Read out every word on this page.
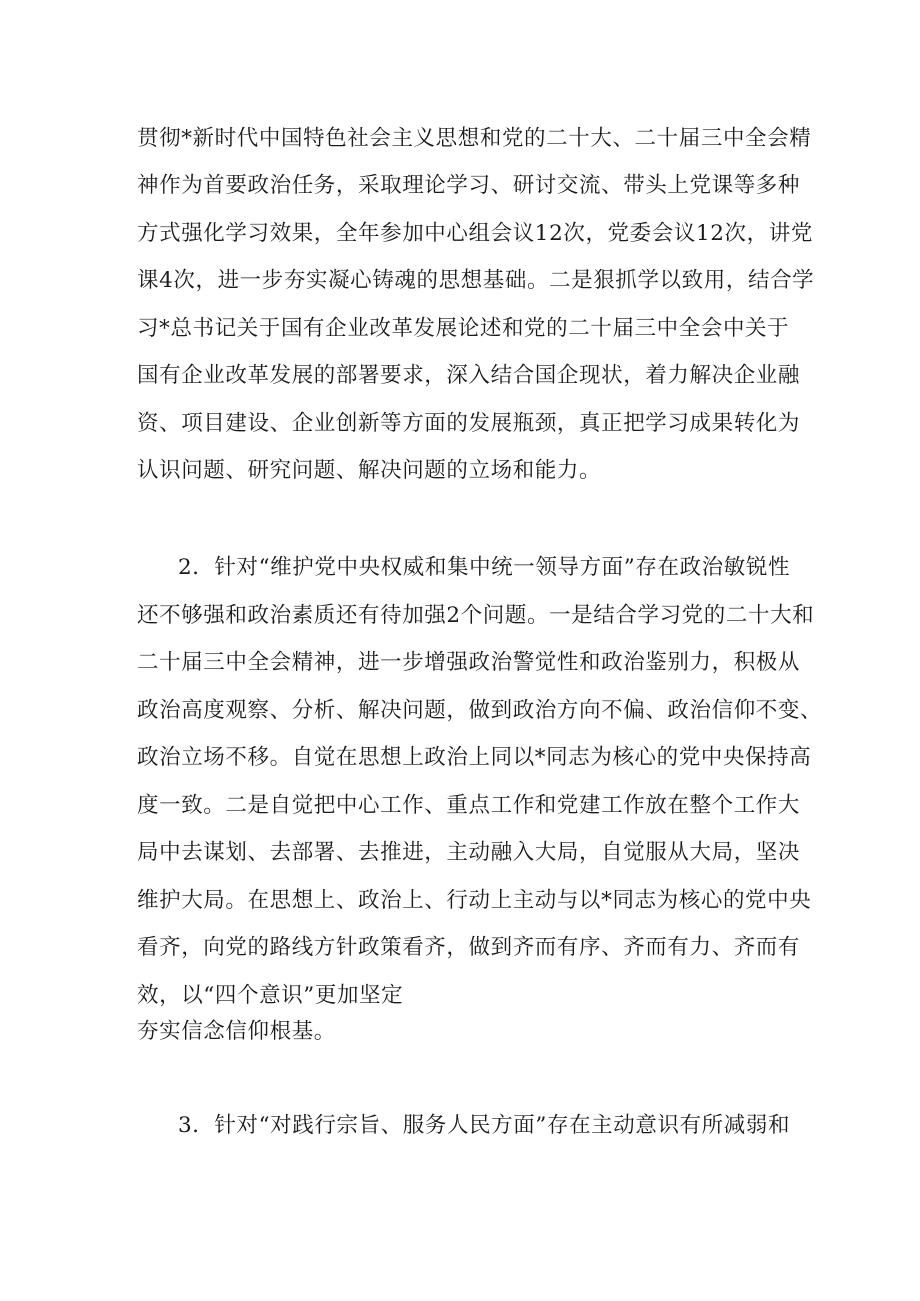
贯彻*新时代中国特色社会主义思想和党的二十大、二十届三中全会精
神作为首要政治任务，采取理论学习、研讨交流、带头上党课等多种
方式强化学习效果，全年参加中心组会议12次，党委会议12次，讲党
课4次，进一步夯实凝心铸魂的思想基础。二是狠抓学以致用，结合学
习*总书记关于国有企业改革发展论述和党的二十届三中全会中关于
国有企业改革发展的部署要求，深入结合国企现状，着力解决企业融
资、项目建设、企业创新等方面的发展瓶颈，真正把学习成果转化为
认识问题、研究问题、解决问题的立场和能力。
2．针对“维护党中央权威和集中统一领导方面”存在政治敏锐性
还不够强和政治素质还有待加强2个问题。一是结合学习党的二十大和
二十届三中全会精神，进一步增强政治警觉性和政治鉴别力，积极从
政治高度观察、分析、解决问题，做到政治方向不偏、政治信仰不变、
政治立场不移。自觉在思想上政治上同以*同志为核心的党中央保持高
度一致。二是自觉把中心工作、重点工作和党建工作放在整个工作大
局中去谋划、去部署、去推进，主动融入大局，自觉服从大局，坚决
维护大局。在思想上、政治上、行动上主动与以*同志为核心的党中央
看齐，向党的路线方针政策看齐，做到齐而有序、齐而有力、齐而有
效，以“四个意识”更加坚定
夯实信念信仰根基。
3．针对“对践行宗旨、服务人民方面”存在主动意识有所减弱和
